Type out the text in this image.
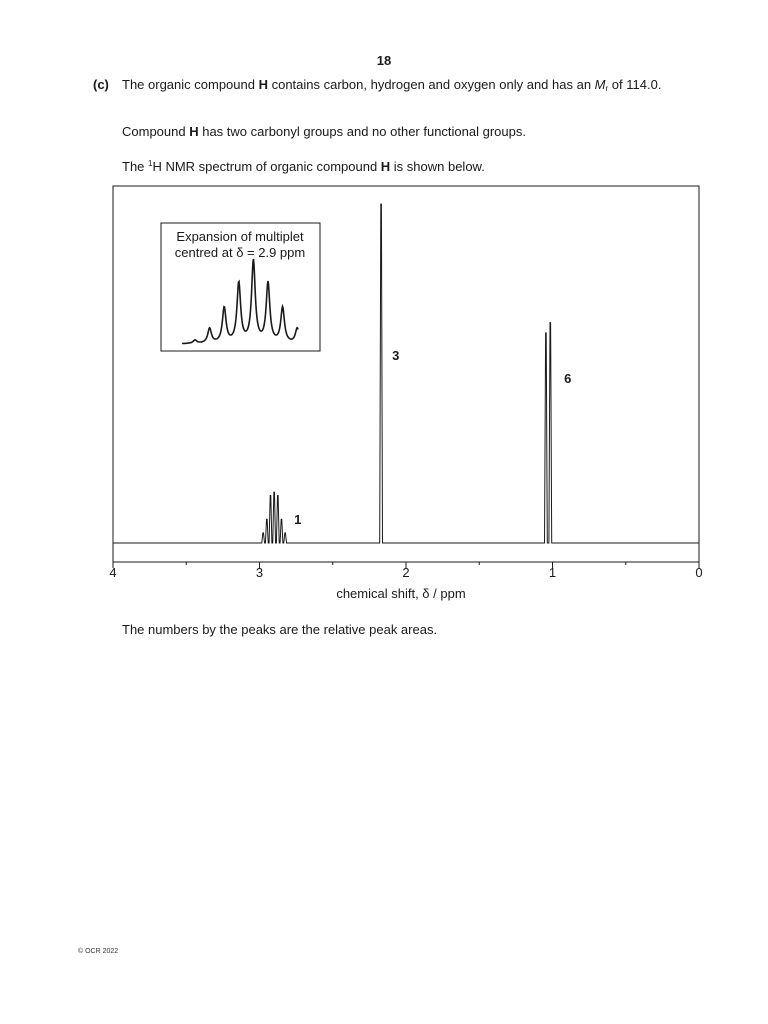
18
(c) The organic compound H contains carbon, hydrogen and oxygen only and has an $M_r$ of 114.0.
Compound H has two carbonyl groups and no other functional groups.
The $^1$H NMR spectrum of organic compound H is shown below.
4	3	2	1	0
chemical shift, δ / ppm
1
3
6
Expansion of multiplet
centred at δ = 2.9 ppm
The numbers by the peaks are the relative peak areas.
© OCR 2022
